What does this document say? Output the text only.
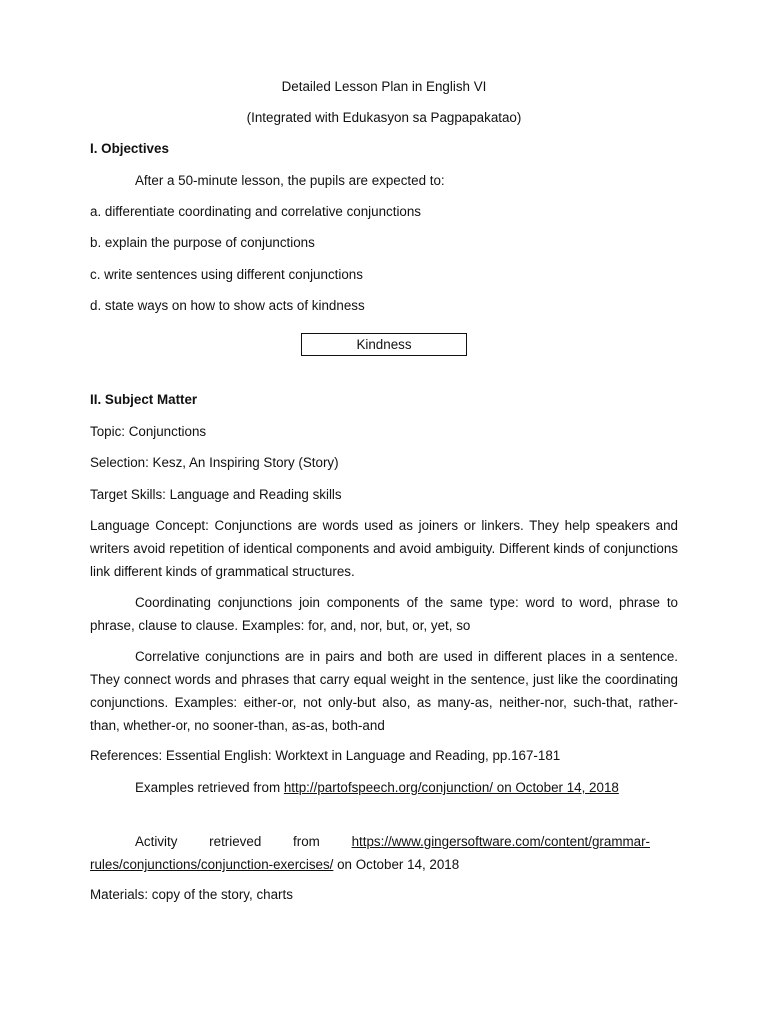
Detailed Lesson Plan in English VI
(Integrated with Edukasyon sa Pagpapakatao)
I. Objectives
After a 50-minute lesson, the pupils are expected to:
a. differentiate coordinating and correlative conjunctions
b. explain the purpose of conjunctions
c. write sentences using different conjunctions
d. state ways on how to show acts of kindness
Kindness
II. Subject Matter
Topic: Conjunctions
Selection: Kesz, An Inspiring Story (Story)
Target Skills: Language and Reading skills
Language Concept: Conjunctions are words used as joiners or linkers. They help speakers and writers avoid repetition of identical components and avoid ambiguity. Different kinds of conjunctions link different kinds of grammatical structures.
Coordinating conjunctions join components of the same type: word to word, phrase to phrase, clause to clause. Examples: for, and, nor, but, or, yet, so
Correlative conjunctions are in pairs and both are used in different places in a sentence. They connect words and phrases that carry equal weight in the sentence, just like the coordinating conjunctions. Examples: either-or, not only-but also, as many-as, neither-nor, such-that, rather-than, whether-or, no sooner-than, as-as, both-and
References: Essential English: Worktext in Language and Reading, pp.167-181
Examples retrieved from http://partofspeech.org/conjunction/ on October 14, 2018
Activity retrieved from https://www.gingersoftware.com/content/grammar-rules/conjunctions/conjunction-exercises/ on October 14, 2018
Materials: copy of the story, charts
